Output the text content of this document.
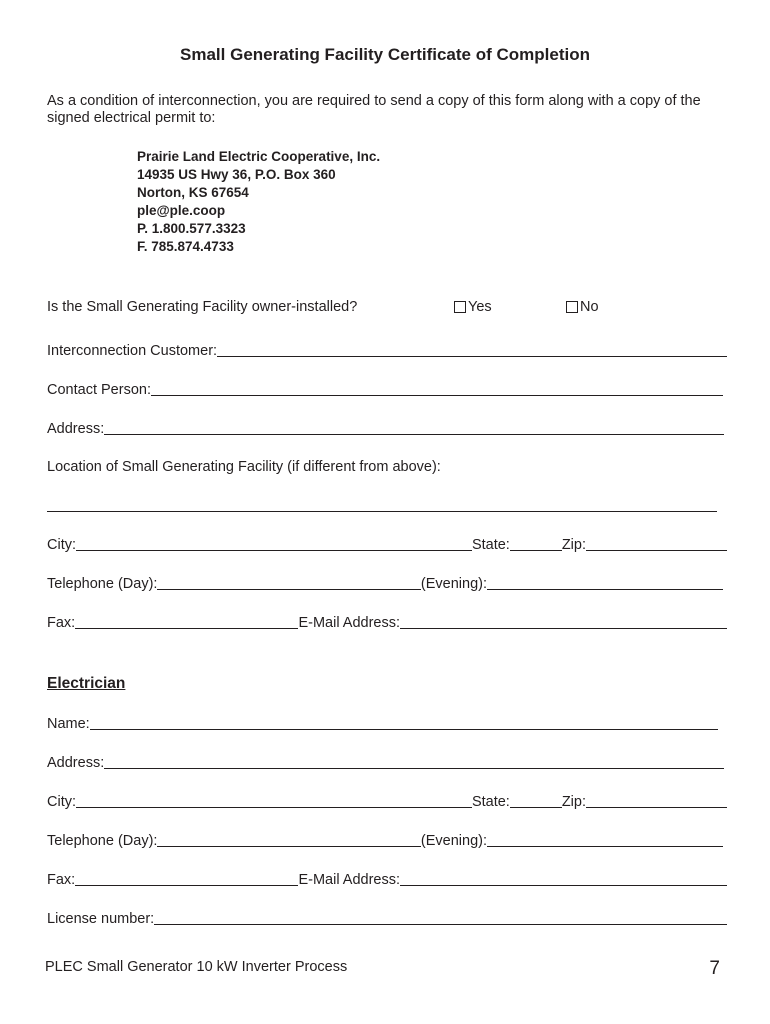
Small Generating Facility Certificate of Completion
As a condition of interconnection, you are required to send a copy of this form along with a copy of the signed electrical permit to:
Prairie Land Electric Cooperative, Inc.
14935 US Hwy 36, P.O. Box 360
Norton, KS 67654
ple@ple.coop
P. 1.800.577.3323
F. 785.874.4733
Is the Small Generating Facility owner-installed?	Yes	No
Interconnection Customer:
Contact Person:
Address:
Location of Small Generating Facility (if different from above):
City:	State:	Zip:
Telephone (Day):	(Evening):
Fax:	E-Mail Address:
Electrician
Name:
Address:
City:	State:	Zip:
Telephone (Day):	(Evening):
Fax:	E-Mail Address:
License number:
PLEC Small Generator 10 kW Inverter Process	7
